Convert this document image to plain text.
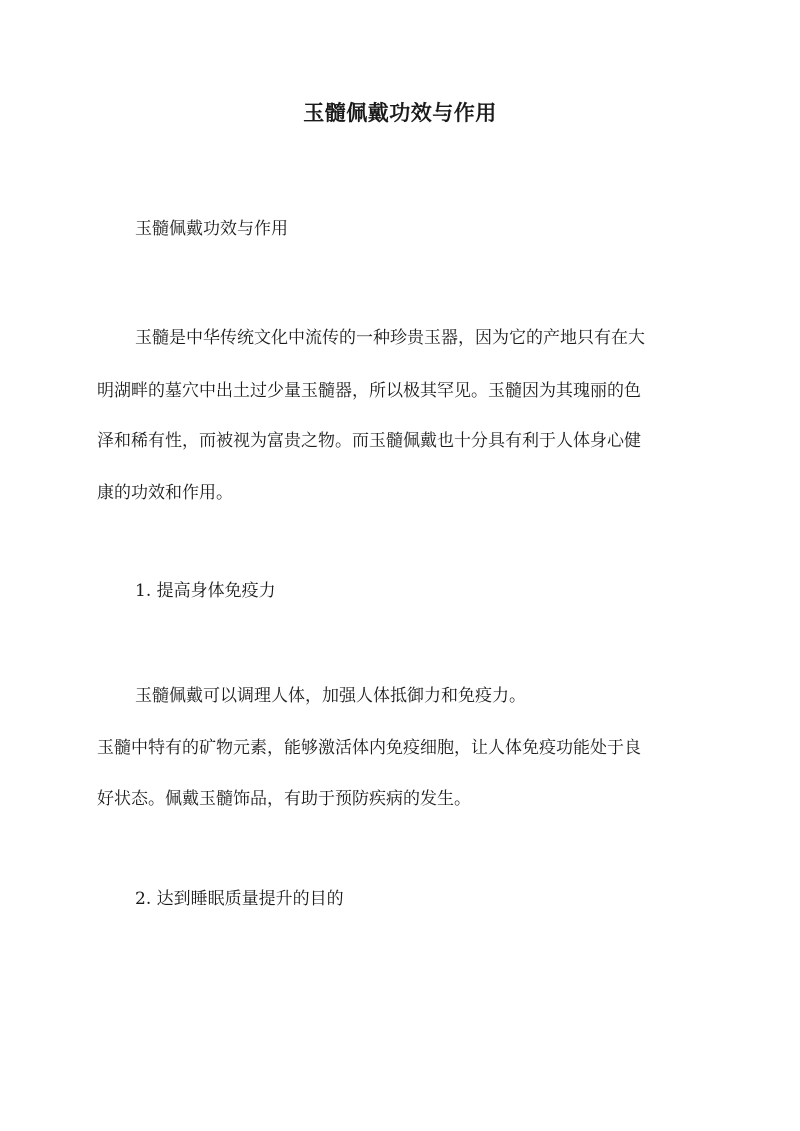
玉髓佩戴功效与作用
玉髓佩戴功效与作用
玉髓是中华传统文化中流传的一种珍贵玉器，因为它的产地只有在大
明湖畔的墓穴中出土过少量玉髓器，所以极其罕见。玉髓因为其瑰丽的色
泽和稀有性，而被视为富贵之物。而玉髓佩戴也十分具有利于人体身心健
康的功效和作用。
1. 提高身体免疫力
玉髓佩戴可以调理人体，加强人体抵御力和免疫力。
玉髓中特有的矿物元素，能够激活体内免疫细胞，让人体免疫功能处于良
好状态。佩戴玉髓饰品，有助于预防疾病的发生。
2. 达到睡眠质量提升的目的
